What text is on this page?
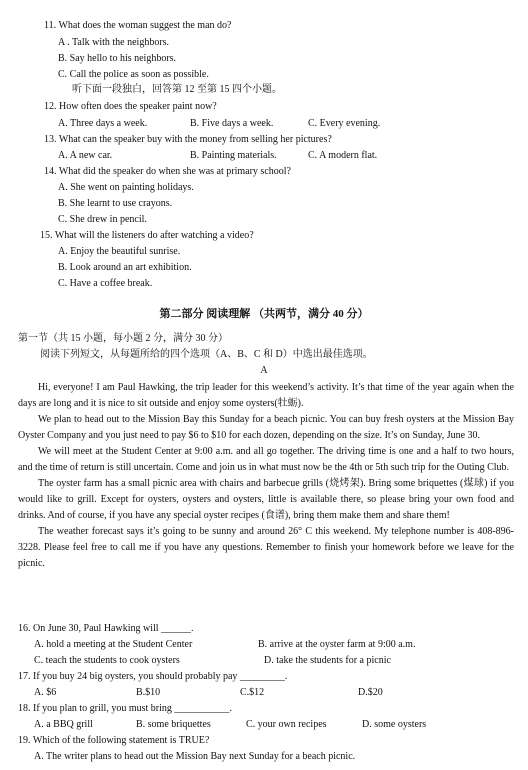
11. What does the woman suggest the man do?
A . Talk with the neighbors.
B. Say hello to his neighbors.
C. Call the police as soon as possible.
听下面一段独白，回答第 12 至第 15 四个小题。
12. How often does the speaker paint now?
A. Three days a week.	B. Five days a week.	C. Every evening.
13. What can the speaker buy with the money from selling her pictures?
A. A new car.	B. Painting materials.	C. A modern flat.
14. What did the speaker do when she was at primary school?
A. She went on painting holidays.
B. She learnt to use crayons.
C. She drew in pencil.
15. What will the listeners do after watching a video?
A. Enjoy the beautiful sunrise.
B. Look around an art exhibition.
C. Have a coffee break.
第二部分 阅读理解 （共两节，满分 40 分）
第一节（共 15 小题，每小题 2 分，满分 30 分）
阅读下列短文，从每题所给的四个选项（A、B、C 和 D）中选出最佳选项。
A
Hi, everyone! I am Paul Hawking, the trip leader for this weekend’s activity. It’s that time of the year again when the days are long and it is nice to sit outside and enjoy some oysters(牡蛎).
We plan to head out to the Mission Bay this Sunday for a beach picnic. You can buy fresh oysters at the Mission Bay Oyster Company and you just need to pay $6 to $10 for each dozen, depending on the size. It’s on Sunday, June 30.
We will meet at the Student Center at 9:00 a.m. and all go together. The driving time is one and a half to two hours, and the time of return is still uncertain. Come and join us in what must now be the 4th or 5th such trip for the Outing Club.
The oyster farm has a small picnic area with chairs and barbecue grills (烧烤架). Bring some briquettes (煤球) if you would like to grill. Except for oysters, oysters and oysters, little is available there, so please bring your own food and drinks. And of course, if you have any special oyster recipes (食谱), bring them make them and share them!
The weather forecast says it’s going to be sunny and around 26° C this weekend. My telephone number is 408-896-3228. Please feel free to call me if you have any questions. Remember to finish your homework before we leave for the picnic.
16. On June 30, Paul Hawking will ______.
A. hold a meeting at the Student Center	B. arrive at the oyster farm at 9:00 a.m.
C. teach the students to cook oysters	D. take the students for a picnic
17. If you buy 24 big oysters, you should probably pay _________.
A. $6	B.$10	C.$12	D.$20
18. If you plan to grill, you must bring ___________.
A. a BBQ grill	B. some briquettes	C. your own recipes	D. some oysters
19. Which of the following statement is TRUE?
A. The writer plans to head out the Mission Bay next Sunday for a beach picnic.
